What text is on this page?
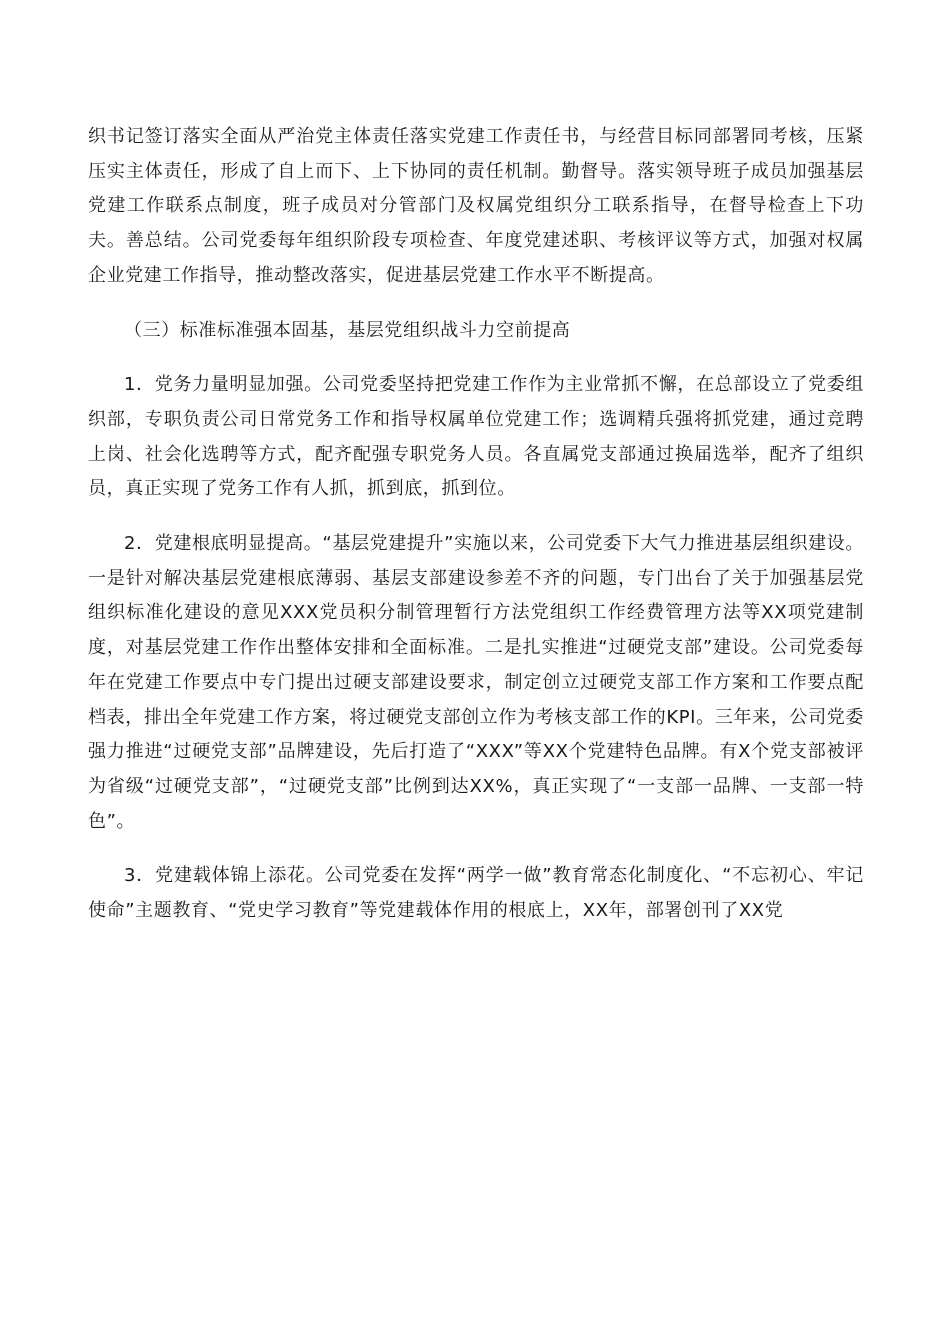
织书记签订落实全面从严治党主体责任落实党建工作责任书，与经营目标同部署同考核，压紧压实主体责任，形成了自上而下、上下协同的责任机制。勤督导。落实领导班子成员加强基层党建工作联系点制度，班子成员对分管部门及权属党组织分工联系指导，在督导检查上下功夫。善总结。公司党委每年组织阶段专项检查、年度党建述职、考核评议等方式，加强对权属企业党建工作指导，推动整改落实，促进基层党建工作水平不断提高。

（三）标准标准强本固基，基层党组织战斗力空前提高

1．党务力量明显加强。公司党委坚持把党建工作作为主业常抓不懈，在总部设立了党委组织部，专职负责公司日常党务工作和指导权属单位党建工作；选调精兵强将抓党建，通过竞聘上岗、社会化选聘等方式，配齐配强专职党务人员。各直属党支部通过换届选举，配齐了组织员，真正实现了党务工作有人抓，抓到底，抓到位。

2．党建根底明显提高。“基层党建提升”实施以来，公司党委下大气力推进基层组织建设。一是针对解决基层党建根底薄弱、基层支部建设参差不齐的问题，专门出台了关于加强基层党组织标准化建设的意见XXX党员积分制管理暂行方法党组织工作经费管理方法等XX项党建制度，对基层党建工作作出整体安排和全面标准。二是扎实推进“过硬党支部”建设。公司党委每年在党建工作要点中专门提出过硬支部建设要求，制定创立过硬党支部工作方案和工作要点配档表，排出全年党建工作方案，将过硬党支部创立作为考核支部工作的KPI。三年来，公司党委强力推进“过硬党支部”品牌建设，先后打造了“XXX”等XX个党建特色品牌。有X个党支部被评为省级“过硬党支部”，“过硬党支部”比例到达XX%，真正实现了“一支部一品牌、一支部一特色”。

3．党建载体锦上添花。公司党委在发挥“两学一做”教育常态化制度化、“不忘初心、牢记使命”主题教育、“党史学习教育”等党建载体作用的根底上，XX年，部署创刊了XX党
